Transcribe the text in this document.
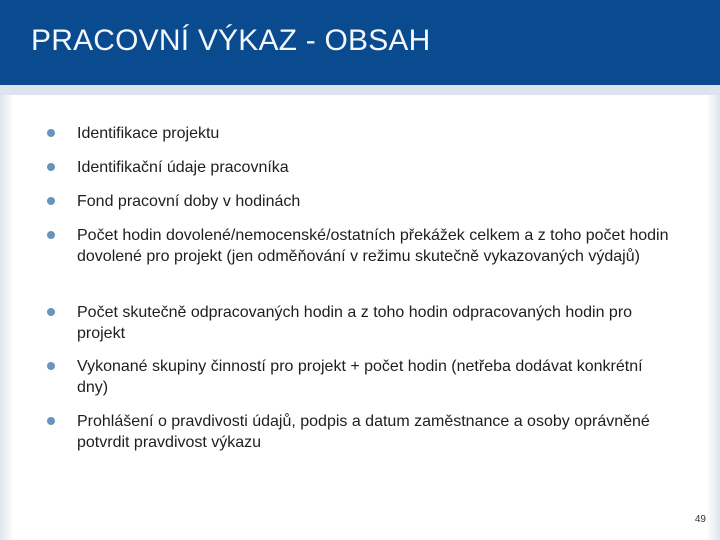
PRACOVNÍ VÝKAZ - OBSAH
Identifikace projektu
Identifikační údaje pracovníka
Fond pracovní doby v hodinách
Počet hodin dovolené/nemocenské/ostatních překážek celkem a z toho počet hodin dovolené pro projekt (jen odměňování v režimu skutečně vykazovaných výdajů)
Počet skutečně odpracovaných hodin a z toho hodin odpracovaných hodin pro projekt
Vykonané skupiny činností pro projekt + počet hodin (netřeba dodávat konkrétní dny)
Prohlášení o pravdivosti údajů, podpis a datum zaměstnance a osoby oprávněné potvrdit pravdivost výkazu
49
